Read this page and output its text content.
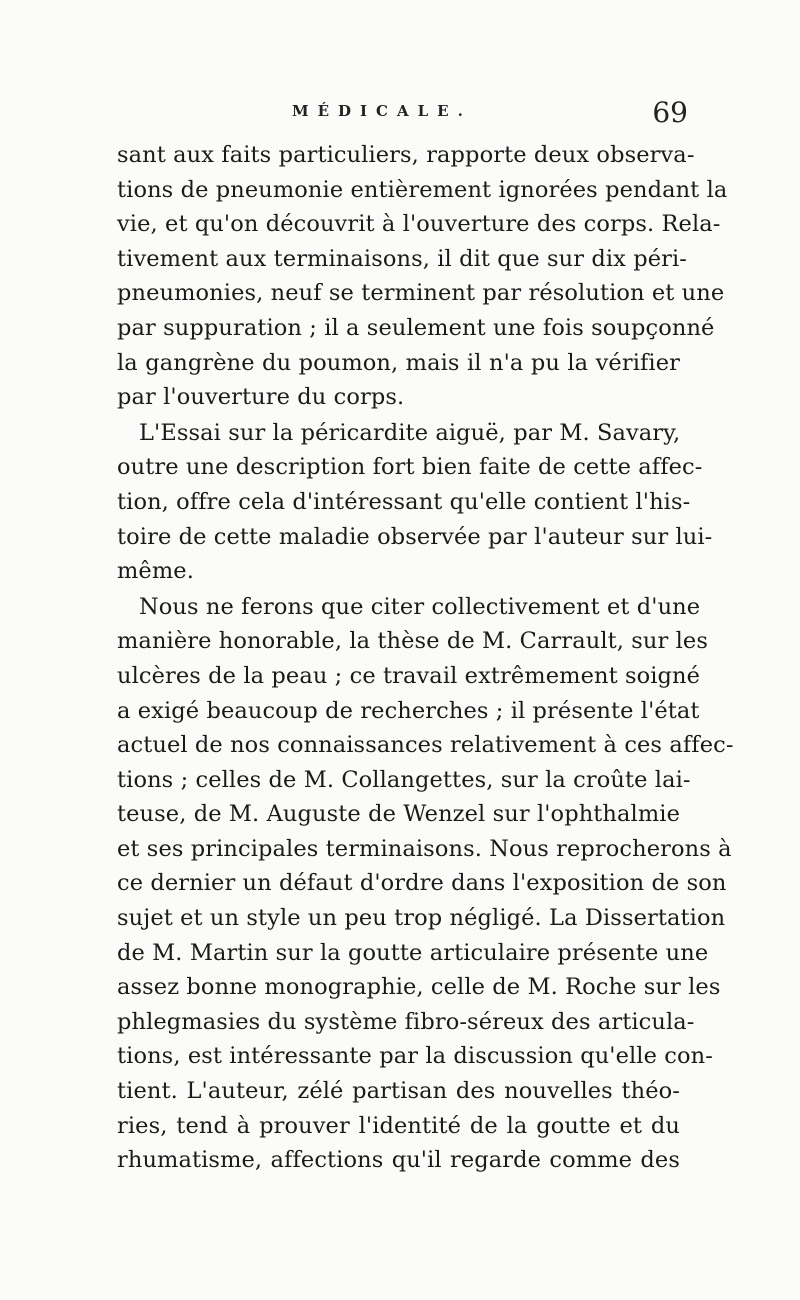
MÉDICALE.	69
sant aux faits particuliers, rapporte deux observa-
tions de pneumonie entièrement ignorées pendant la
vie, et qu'on découvrit à l'ouverture des corps. Rela-
tivement aux terminaisons, il dit que sur dix péri-
pneumonies, neuf se terminent par résolution et une
par suppuration ; il a seulement une fois soupçonné
la gangrène du poumon, mais il n'a pu la vérifier
par l'ouverture du corps.
L'Essai sur la péricardite aiguë, par M. Savary,
outre une description fort bien faite de cette affec-
tion, offre cela d'intéressant qu'elle contient l'his-
toire de cette maladie observée par l'auteur sur lui-
même.
Nous ne ferons que citer collectivement et d'une
manière honorable, la thèse de M. Carrault, sur les
ulcères de la peau ; ce travail extrêmement soigné
a exigé beaucoup de recherches ; il présente l'état
actuel de nos connaissances relativement à ces affec-
tions ; celles de M. Collangettes, sur la croûte lai-
teuse, de M. Auguste de Wenzel sur l'ophthalmie
et ses principales terminaisons. Nous reprocherons à
ce dernier un défaut d'ordre dans l'exposition de son
sujet et un style un peu trop négligé. La Dissertation
de M. Martin sur la goutte articulaire présente une
assez bonne monographie, celle de M. Roche sur les
phlegmasies du système fibro-séreux des articula-
tions, est intéressante par la discussion qu'elle con-
tient. L'auteur, zélé partisan des nouvelles théo-
ries, tend à prouver l'identité de la goutte et du
rhumatisme, affections qu'il regarde comme des
